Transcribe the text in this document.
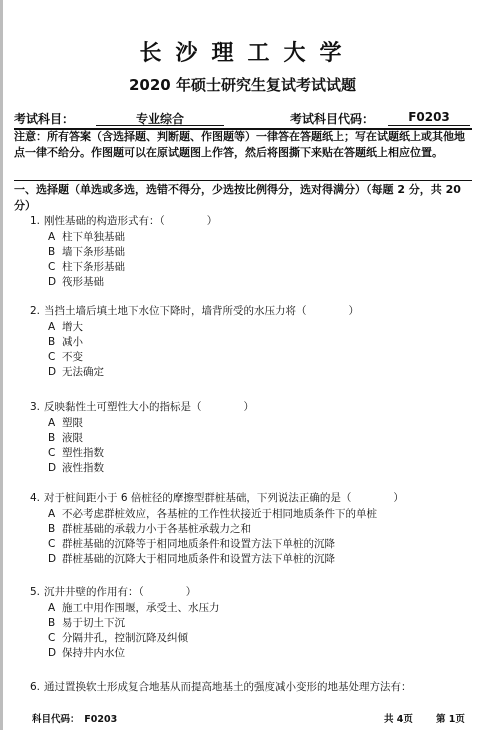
长沙理工大学
2020 年硕士研究生复试考试试题
考试科目：	专业综合	考试科目代码：	F0203
注意：所有答案（含选择题、判断题、作图题等）一律答在答题纸上；写在试题纸上或其他地点一律不给分。作图题可以在原试题图上作答，然后将图撕下来贴在答题纸上相应位置。
一、选择题（单选或多选，选错不得分，少选按比例得分，选对得满分）（每题 2 分，共 20 分）
1. 刚性基础的构造形式有：（　　　　）
A 柱下单独基础
B 墙下条形基础
C 柱下条形基础
D 筏形基础
2. 当挡土墙后填土地下水位下降时，墙背所受的水压力将（　　　　）
A 增大
B 减小
C 不变
D 无法确定
3. 反映黏性土可塑性大小的指标是（　　　　）
A 塑限
B 液限
C 塑性指数
D 液性指数
4. 对于桩间距小于 6 倍桩径的摩擦型群桩基础，下列说法正确的是（　　　　）
A 不必考虑群桩效应，各基桩的工作性状接近于相同地质条件下的单桩
B 群桩基础的承载力小于各基桩承载力之和
C 群桩基础的沉降等于相同地质条件和设置方法下单桩的沉降
D 群桩基础的沉降大于相同地质条件和设置方法下单桩的沉降
5. 沉井井壁的作用有：（　　　　）
A 施工中用作围堰，承受土、水压力
B 易于切土下沉
C 分隔井孔，控制沉降及纠倾
D 保持井内水位
6. 通过置换软土形成复合地基从而提高地基土的强度减小变形的地基处理方法有：
科目代码：　F0203	共 4页 第 1页
